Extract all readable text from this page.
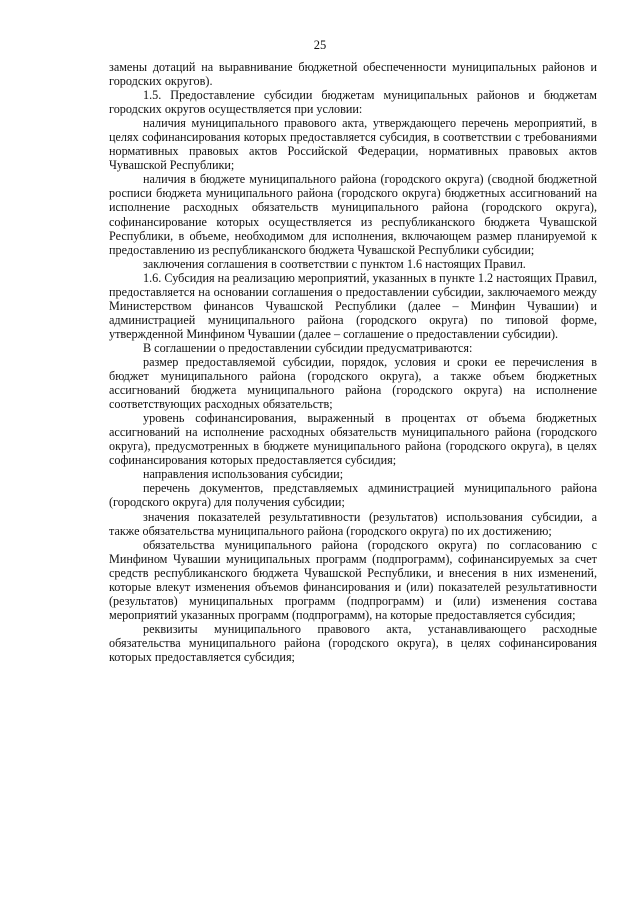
25

замены дотаций на выравнивание бюджетной обеспеченности муниципальных районов и городских округов).

1.5. Предоставление субсидии бюджетам муниципальных районов и бюджетам городских округов осуществляется при условии:

наличия муниципального правового акта, утверждающего перечень мероприятий, в целях софинансирования которых предоставляется субсидия, в соответствии с требованиями нормативных правовых актов Российской Федерации, нормативных правовых актов Чувашской Республики;

наличия в бюджете муниципального района (городского округа) (сводной бюджетной росписи бюджета муниципального района (городского округа) бюджетных ассигнований на исполнение расходных обязательств муниципального района (городского округа), софинансирование которых осуществляется из республиканского бюджета Чувашской Республики, в объеме, необходимом для исполнения, включающем размер планируемой к предоставлению из республиканского бюджета Чувашской Республики субсидии;

заключения соглашения в соответствии с пунктом 1.6 настоящих Правил.

1.6. Субсидия на реализацию мероприятий, указанных в пункте 1.2 настоящих Правил, предоставляется на основании соглашения о предоставлении субсидии, заключаемого между Министерством финансов Чувашской Республики (далее – Минфин Чувашии) и администрацией муниципального района (городского округа) по типовой форме, утвержденной Минфином Чувашии (далее – соглашение о предоставлении субсидии).

В соглашении о предоставлении субсидии предусматриваются:

размер предоставляемой субсидии, порядок, условия и сроки ее перечисления в бюджет муниципального района (городского округа), а также объем бюджетных ассигнований бюджета муниципального района (городского округа) на исполнение соответствующих расходных обязательств;

уровень софинансирования, выраженный в процентах от объема бюджетных ассигнований на исполнение расходных обязательств муниципального района (городского округа), предусмотренных в бюджете муниципального района (городского округа), в целях софинансирования которых предоставляется субсидия;

направления использования субсидии;

перечень документов, представляемых администрацией муниципального района (городского округа) для получения субсидии;

значения показателей результативности (результатов) использования субсидии, а также обязательства муниципального района (городского округа) по их достижению;

обязательства муниципального района (городского округа) по согласованию с Минфином Чувашии муниципальных программ (подпрограмм), софинансируемых за счет средств республиканского бюджета Чувашской Республики, и внесения в них изменений, которые влекут изменения объемов финансирования и (или) показателей результативности (результатов) муниципальных программ (подпрограмм) и (или) изменения состава мероприятий указанных программ (подпрограмм), на которые предоставляется субсидия;

реквизиты муниципального правового акта, устанавливающего расходные обязательства муниципального района (городского округа), в целях софинансирования которых предоставляется субсидия;
